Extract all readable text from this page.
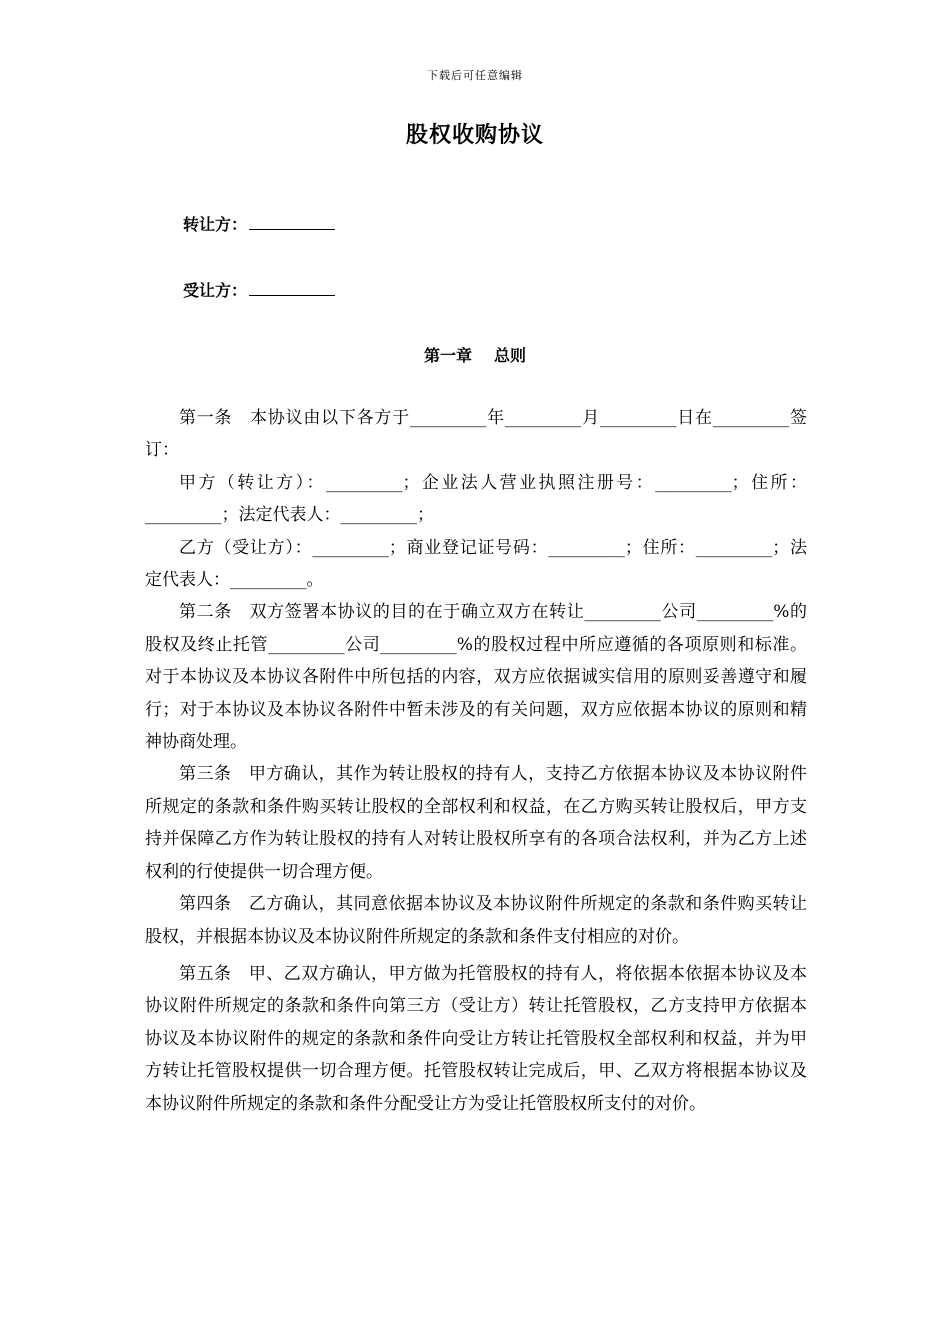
下载后可任意编辑
股权收购协议
转让方：
受让方：
第一章 总则

第一条　本协议由以下各方于_________年_________月_________日在_________签订：

甲方（转让方）：_________；企业法人营业执照注册号：_________；住所：_________；法定代表人：_________；

乙方（受让方）：_________；商业登记证号码：_________；住所：_________；法定代表人：_________。

第二条　双方签署本协议的目的在于确立双方在转让_________公司_________%的股权及终止托管_________公司_________%的股权过程中所应遵循的各项原则和标准。对于本协议及本协议各附件中所包括的内容，双方应依据诚实信用的原则妥善遵守和履行；对于本协议及本协议各附件中暂未涉及的有关问题，双方应依据本协议的原则和精神协商处理。

第三条　甲方确认，其作为转让股权的持有人，支持乙方依据本协议及本协议附件所规定的条款和条件购买转让股权的全部权利和权益，在乙方购买转让股权后，甲方支持并保障乙方作为转让股权的持有人对转让股权所享有的各项合法权利，并为乙方上述权利的行使提供一切合理方便。

第四条　乙方确认，其同意依据本协议及本协议附件所规定的条款和条件购买转让股权，并根据本协议及本协议附件所规定的条款和条件支付相应的对价。

第五条　甲、乙双方确认，甲方做为托管股权的持有人，将依据本依据本协议及本协议附件所规定的条款和条件向第三方（受让方）转让托管股权，乙方支持甲方依据本协议及本协议附件的规定的条款和条件向受让方转让托管股权全部权利和权益，并为甲方转让托管股权提供一切合理方便。托管股权转让完成后，甲、乙双方将根据本协议及本协议附件所规定的条款和条件分配受让方为受让托管股权所支付的对价。
